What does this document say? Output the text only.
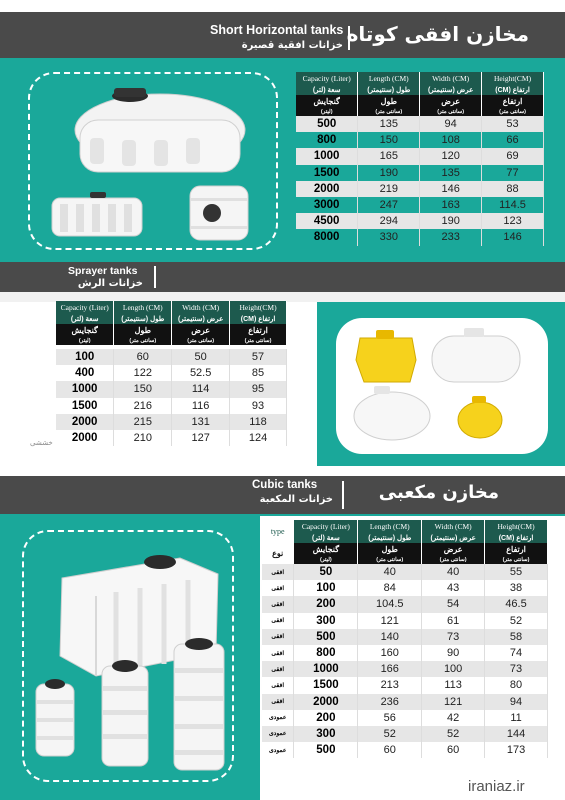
Short Horizontal tanks
خزانات افقية قصيرة مخازن افقی کوتاه
Capacity (Liter)	Length (CM)	Width (CM)	Height(CM)
سعة (لتر)	طول (سنتيمتر)	عرض (سنتيمتر)	ارتفاع (CM)
گنجایش	طول	عرض	ارتفاع
(لیتر)	(سانتی متر)	(سانتی متر)	(سانتی متر)
500	135	94	53
800	150	108	66
1000	165	120	69
1500	190	135	77
2000	219	146	88
3000	247	163	114.5
4500	294	190	123
8000	330	233	146
Sprayer tanks
خزانات الرش
Capacity (Liter)	Length (CM)	Width (CM)	Height(CM)
سعة (لتر)	طول (سنتيمتر)	عرض (سنتيمتر)	ارتفاع (CM)
گنجایش	طول	عرض	ارتفاع
(لیتر)	(سانتی متر)	(سانتی متر)	(سانتی متر)

100	60	50	57
400	122	52.5	85
1000	150	114	95
1500	216	116	93
2000	215	131	118
2000	210	127	124
خششی
Cubic tanks
خزانات المكعبة	مخازن مکعبی
type	Capacity (Liter)	Length (CM)	Width (CM)	Height(CM)
	سعة (لتر)	طول (سنتيمتر)	عرض (سنتيمتر)	ارتفاع (CM)
نوع	گنجایش	طول	عرض	ارتفاع
	(لیتر)	(سانتی متر)	(سانتی متر)	(سانتی متر)
افقی	50	40	40	55
افقی	100	84	43	38
افقی	200	104.5	54	46.5
افقی	300	121	61	52
افقی	500	140	73	58
افقی	800	160	90	74
افقی	1000	166	100	73
افقی	1500	213	113	80
افقی	2000	236	121	94
عمودی	200	56	42	11
عمودی	300	52	52	144
عمودی	500	60	60	173
iraniaz.ir
